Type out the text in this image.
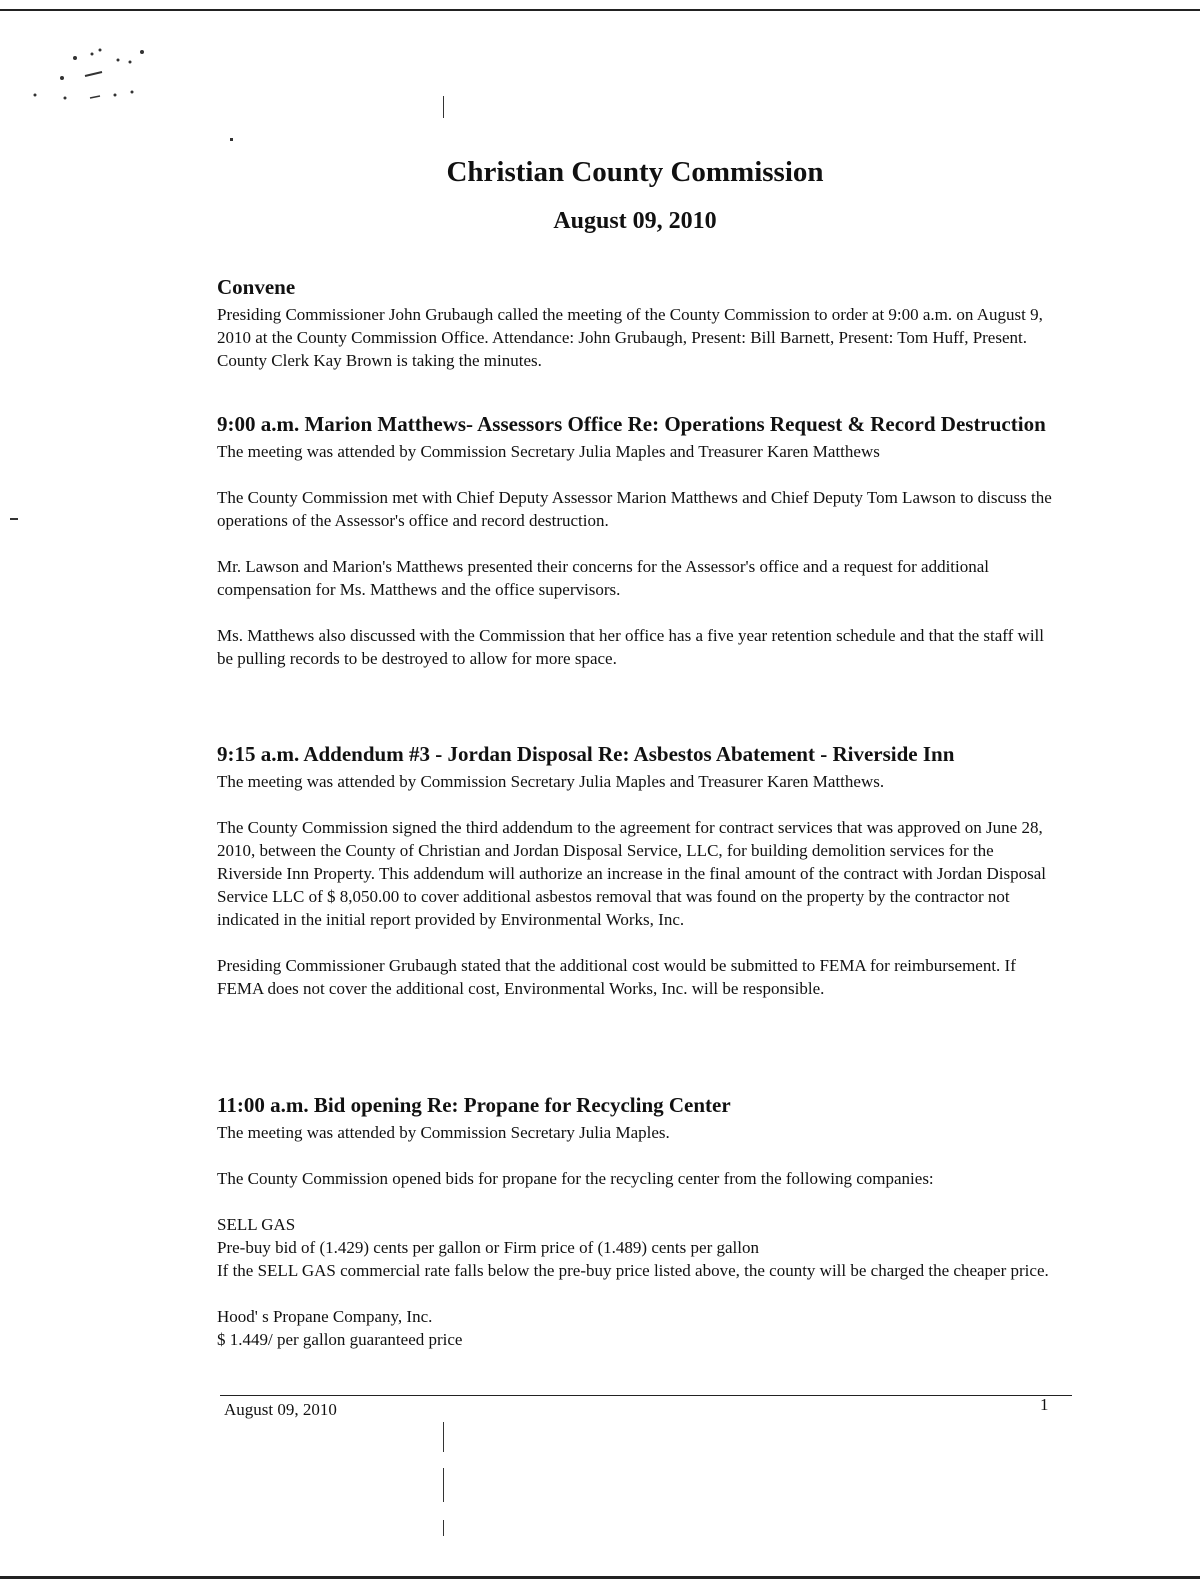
Christian County Commission
August 09, 2010
Convene

Presiding Commissioner John Grubaugh called the meeting of the County Commission to order at 9:00 a.m. on August 9, 2010 at the County Commission Office. Attendance: John Grubaugh, Present: Bill Barnett, Present: Tom Huff, Present. County Clerk Kay Brown is taking the minutes.

9:00 a.m. Marion Matthews- Assessors Office Re: Operations Request & Record Destruction

The meeting was attended by Commission Secretary Julia Maples and Treasurer Karen Matthews

The County Commission met with Chief Deputy Assessor Marion Matthews and Chief Deputy Tom Lawson to discuss the operations of the Assessor's office and record destruction.

Mr. Lawson and Marion's Matthews presented their concerns for the Assessor's office and a request for additional compensation for Ms. Matthews and the office supervisors.

Ms. Matthews also discussed with the Commission that her office has a five year retention schedule and that the staff will be pulling records to be destroyed to allow for more space.

9:15 a.m. Addendum #3 - Jordan Disposal Re: Asbestos Abatement - Riverside Inn

The meeting was attended by Commission Secretary Julia Maples and Treasurer Karen Matthews.

The County Commission signed the third addendum to the agreement for contract services that was approved on June 28, 2010, between the County of Christian and Jordan Disposal Service, LLC, for building demolition services for the Riverside Inn Property. This addendum will authorize an increase in the final amount of the contract with Jordan Disposal Service LLC of $ 8,050.00 to cover additional asbestos removal that was found on the property by the contractor not indicated in the initial report provided by Environmental Works, Inc.

Presiding Commissioner Grubaugh stated that the additional cost would be submitted to FEMA for reimbursement. If FEMA does not cover the additional cost, Environmental Works, Inc. will be responsible.

11:00 a.m. Bid opening Re: Propane for Recycling Center

The meeting was attended by Commission Secretary Julia Maples.

The County Commission opened bids for propane for the recycling center from the following companies:

SELL GAS
Pre-buy bid of (1.429) cents per gallon or Firm price of (1.489) cents per gallon
If the SELL GAS commercial rate falls below the pre-buy price listed above, the county will be charged the cheaper price.
Hood' s Propane Company, Inc.
$ 1.449/ per gallon guaranteed price
August 09, 2010	1
